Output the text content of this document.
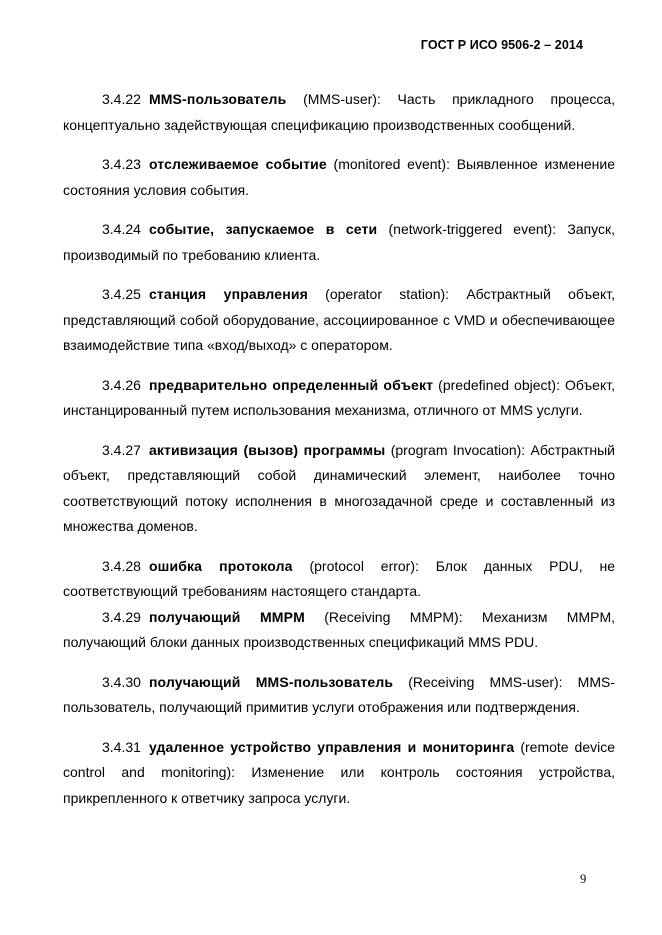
ГОСТ Р ИСО 9506-2 – 2014

3.4.22 MMS-пользователь (MMS-user): Часть прикладного процесса, концептуально задействующая спецификацию производственных сообщений.

3.4.23 отслеживаемое событие (monitored event): Выявленное изменение состояния условия события.

3.4.24 событие, запускаемое в сети (network-triggered event): Запуск, производимый по требованию клиента.

3.4.25 станция управления (operator station): Абстрактный объект, представляющий собой оборудование, ассоциированное с VMD и обеспечивающее взаимодействие типа «вход/выход» с оператором.

3.4.26 предварительно определенный объект (predefined object): Объект, инстанцированный путем использования механизма, отличного от MMS услуги.

3.4.27 активизация (вызов) программы (program Invocation): Абстрактный объект, представляющий собой динамический элемент, наиболее точно соответствующий потоку исполнения в многозадачной среде и составленный из множества доменов.

3.4.28 ошибка протокола (protocol error): Блок данных PDU, не соответствующий требованиям настоящего стандарта.

3.4.29 получающий MMPM (Receiving MMPM): Механизм MMPM, получающий блоки данных производственных спецификаций MMS PDU.

3.4.30 получающий MMS-пользователь (Receiving MMS-user): MMS-пользователь, получающий примитив услуги отображения или подтверждения.

3.4.31 удаленное устройство управления и мониторинга (remote device control and monitoring): Изменение или контроль состояния устройства, прикрепленного к ответчику запроса услуги.

9
